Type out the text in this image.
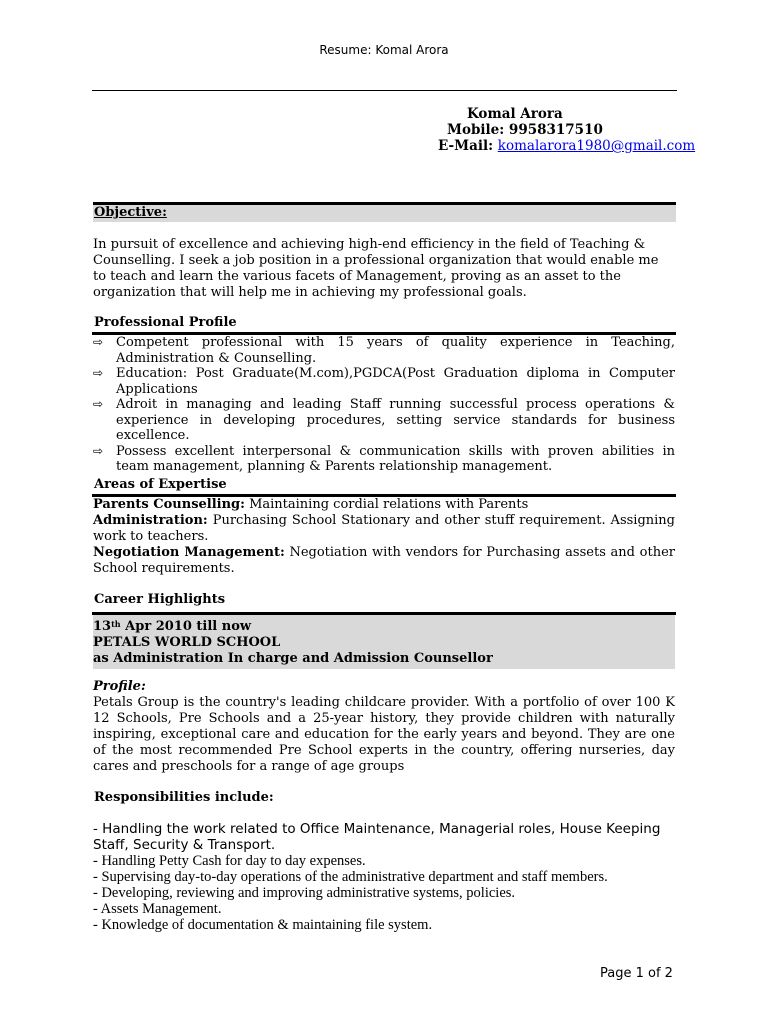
Resume: Komal Arora
Komal Arora
Mobile: 9958317510
E-Mail: komalarora1980@gmail.com
Objective:

In pursuit of excellence and achieving high-end efficiency in the field of Teaching & Counselling. I seek a job position in a professional organization that would enable me to teach and learn the various facets of Management, proving as an asset to the organization that will help me in achieving my professional goals.

Professional Profile
⇨ Competent professional with 15 years of quality experience in Teaching, Administration & Counselling.
⇨ Education: Post Graduate(M.com),PGDCA(Post Graduation diploma in Computer Applications
⇨ Adroit in managing and leading Staff running successful process operations & experience in developing procedures, setting service standards for business excellence.
⇨ Possess excellent interpersonal & communication skills with proven abilities in team management, planning & Parents relationship management.
Areas of Expertise

Parents Counselling: Maintaining cordial relations with Parents

Administration: Purchasing School Stationary and other stuff requirement. Assigning work to teachers.

Negotiation Management: Negotiation with vendors for Purchasing assets and other School requirements.

Career Highlights
13th Apr 2010 till now
PETALS WORLD SCHOOL
as Administration In charge and Admission Counsellor

Profile:

Petals Group is the country's leading childcare provider. With a portfolio of over 100 K 12 Schools, Pre Schools and a 25-year history, they provide children with naturally inspiring, exceptional care and education for the early years and beyond. They are one of the most recommended Pre School experts in the country, offering nurseries, day cares and preschools for a range of age groups

Responsibilities include:

- Handling the work related to Office Maintenance, Managerial roles, House Keeping Staff, Security & Transport.

- Handling Petty Cash for day to day expenses.

- Supervising day-to-day operations of the administrative department and staff members.

- Developing, reviewing and improving administrative systems, policies.

- Assets Management.

- Knowledge of documentation & maintaining file system.

Page 1 of 2
